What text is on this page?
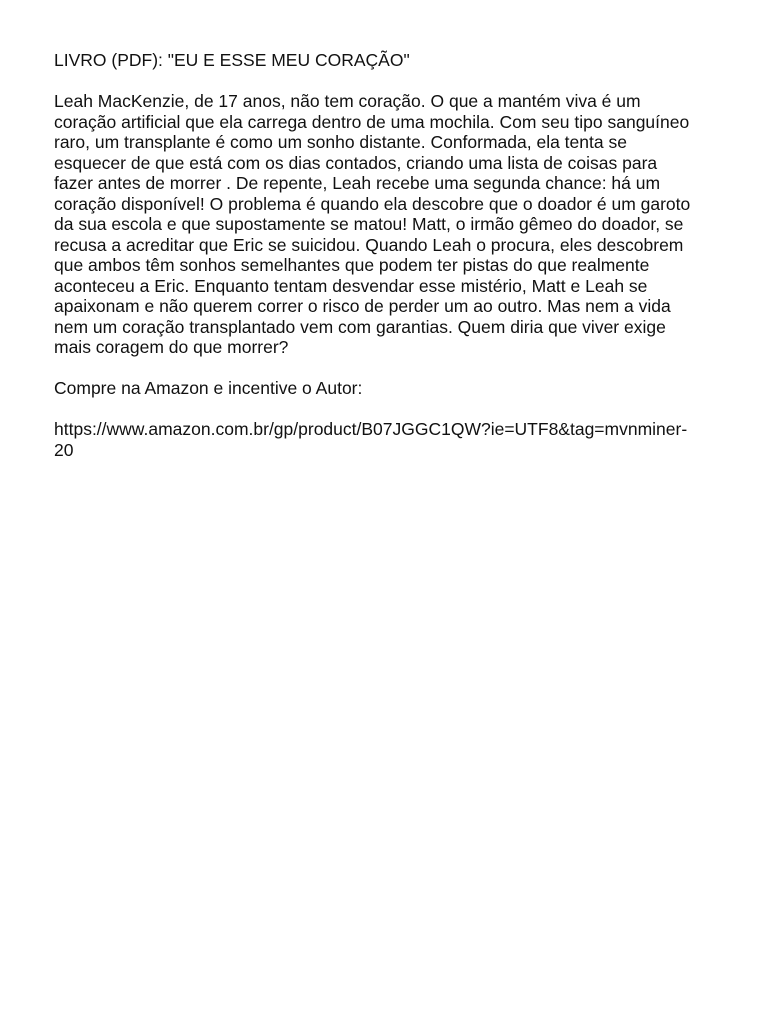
LIVRO (PDF): "EU E ESSE MEU CORAÇÃO"

Leah MacKenzie, de 17 anos, não tem coração. O que a mantém viva é um
coração artificial que ela carrega dentro de uma mochila. Com seu tipo sanguíneo
raro, um transplante é como um sonho distante. Conformada, ela tenta se
esquecer de que está com os dias contados, criando uma lista de coisas para
fazer antes de morrer . De repente, Leah recebe uma segunda chance: há um
coração disponível! O problema é quando ela descobre que o doador é um garoto
da sua escola e que supostamente se matou! Matt, o irmão gêmeo do doador, se
recusa a acreditar que Eric se suicidou. Quando Leah o procura, eles descobrem
que ambos têm sonhos semelhantes que podem ter pistas do que realmente
aconteceu a Eric. Enquanto tentam desvendar esse mistério, Matt e Leah se
apaixonam e não querem correr o risco de perder um ao outro. Mas nem a vida
nem um coração transplantado vem com garantias. Quem diria que viver exige
mais coragem do que morrer?

Compre na Amazon e incentive o Autor:

https://www.amazon.com.br/gp/product/B07JGGC1QW?ie=UTF8&tag=mvnminer-
20
